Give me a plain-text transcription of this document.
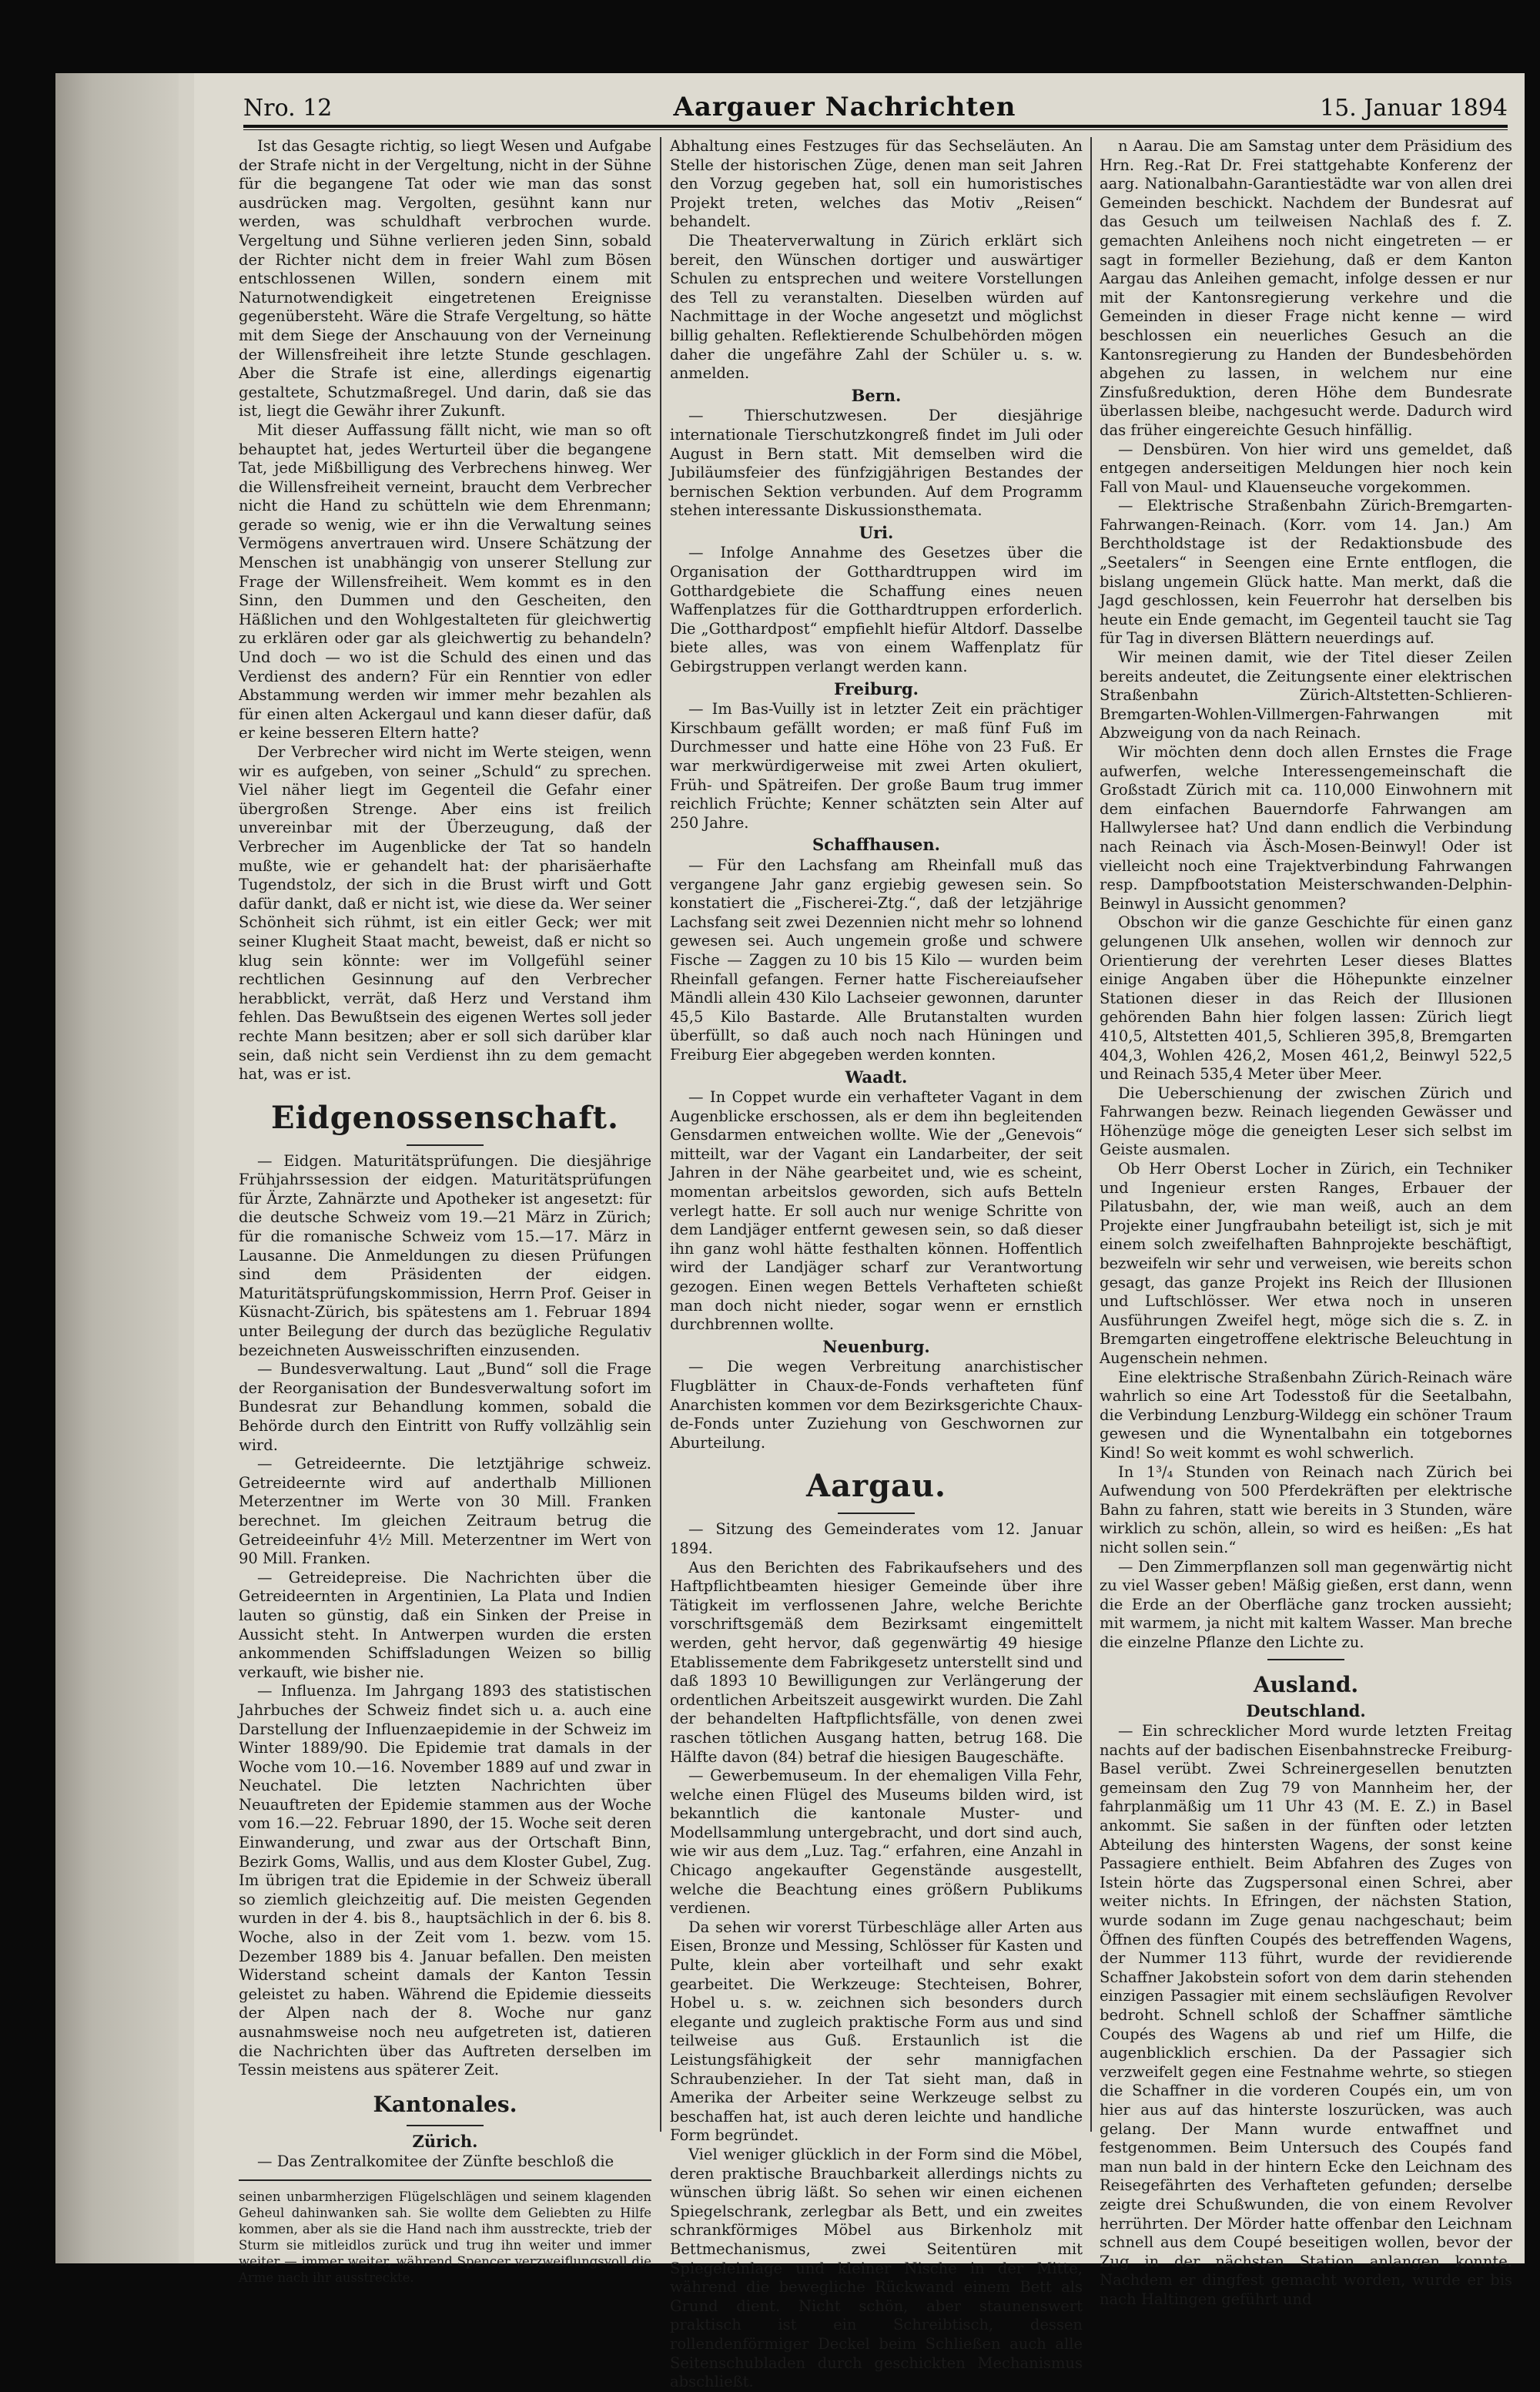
Nro. 12	Aargauer Nachrichten	15. Januar 1894

Ist das Gesagte richtig, so liegt Wesen und Aufgabe der Strafe nicht in der Vergeltung, nicht in der Sühne für die begangene Tat oder wie man das sonst ausdrücken mag. Vergolten, gesühnt kann nur werden, was schuldhaft verbrochen wurde. Vergeltung und Sühne verlieren jeden Sinn, sobald der Richter nicht dem in freier Wahl zum Bösen entschlossenen Willen, sondern einem mit Naturnotwendigkeit eingetretenen Ereignisse gegenübersteht. Wäre die Strafe Vergeltung, so hätte mit dem Siege der Anschauung von der Verneinung der Willensfreiheit ihre letzte Stunde geschlagen. Aber die Strafe ist eine, allerdings eigenartig gestaltete, Schutzmaßregel. Und darin, daß sie das ist, liegt die Gewähr ihrer Zukunft.

Mit dieser Auffassung fällt nicht, wie man so oft behauptet hat, jedes Werturteil über die begangene Tat, jede Mißbilligung des Verbrechens hinweg. Wer die Willensfreiheit verneint, braucht dem Verbrecher nicht die Hand zu schütteln wie dem Ehrenmann; gerade so wenig, wie er ihn die Verwaltung seines Vermögens anvertrauen wird. Unsere Schätzung der Menschen ist unabhängig von unserer Stellung zur Frage der Willensfreiheit. Wem kommt es in den Sinn, den Dummen und den Gescheiten, den Häßlichen und den Wohlgestalteten für gleichwertig zu erklären oder gar als gleichwertig zu behandeln? Und doch — wo ist die Schuld des einen und das Verdienst des andern? Für ein Renntier von edler Abstammung werden wir immer mehr bezahlen als für einen alten Ackergaul und kann dieser dafür, daß er keine besseren Eltern hatte?

Der Verbrecher wird nicht im Werte steigen, wenn wir es aufgeben, von seiner „Schuld“ zu sprechen. Viel näher liegt im Gegenteil die Gefahr einer übergroßen Strenge. Aber eins ist freilich unvereinbar mit der Überzeugung, daß der Verbrecher im Augenblicke der Tat so handeln mußte, wie er gehandelt hat: der pharisäerhafte Tugendstolz, der sich in die Brust wirft und Gott dafür dankt, daß er nicht ist, wie diese da. Wer seiner Schönheit sich rühmt, ist ein eitler Geck; wer mit seiner Klugheit Staat macht, beweist, daß er nicht so klug sein könnte: wer im Vollgefühl seiner rechtlichen Gesinnung auf den Verbrecher herabblickt, verrät, daß Herz und Verstand ihm fehlen. Das Bewußtsein des eigenen Wertes soll jeder rechte Mann besitzen; aber er soll sich darüber klar sein, daß nicht sein Verdienst ihn zu dem gemacht hat, was er ist.

Eidgenossenschaft.

— Eidgen. Maturitätsprüfungen. Die diesjährige Frühjahrssession der eidgen. Maturitätsprüfungen für Ärzte, Zahnärzte und Apotheker ist angesetzt: für die deutsche Schweiz vom 19.—21 März in Zürich; für die romanische Schweiz vom 15.—17. März in Lausanne. Die Anmeldungen zu diesen Prüfungen sind dem Präsidenten der eidgen. Maturitätsprüfungskommission, Herrn Prof. Geiser in Küsnacht-Zürich, bis spätestens am 1. Februar 1894 unter Beilegung der durch das bezügliche Regulativ bezeichneten Ausweisschriften einzusenden.

— Bundesverwaltung. Laut „Bund“ soll die Frage der Reorganisation der Bundesverwaltung sofort im Bundesrat zur Behandlung kommen, sobald die Behörde durch den Eintritt von Ruffy vollzählig sein wird.

— Getreideernte. Die letztjährige schweiz. Getreideernte wird auf anderthalb Millionen Meterzentner im Werte von 30 Mill. Franken berechnet. Im gleichen Zeitraum betrug die Getreideeinfuhr 4½ Mill. Meterzentner im Wert von 90 Mill. Franken.

— Getreidepreise. Die Nachrichten über die Getreideernten in Argentinien, La Plata und Indien lauten so günstig, daß ein Sinken der Preise in Aussicht steht. In Antwerpen wurden die ersten ankommenden Schiffsladungen Weizen so billig verkauft, wie bisher nie.

— Influenza. Im Jahrgang 1893 des statistischen Jahrbuches der Schweiz findet sich u. a. auch eine Darstellung der Influenzaepidemie in der Schweiz im Winter 1889/90. Die Epidemie trat damals in der Woche vom 10.—16. November 1889 auf und zwar in Neuchatel. Die letzten Nachrichten über Neuauftreten der Epidemie stammen aus der Woche vom 16.—22. Februar 1890, der 15. Woche seit deren Einwanderung, und zwar aus der Ortschaft Binn, Bezirk Goms, Wallis, und aus dem Kloster Gubel, Zug. Im übrigen trat die Epidemie in der Schweiz überall so ziemlich gleichzeitig auf. Die meisten Gegenden wurden in der 4. bis 8., hauptsächlich in der 6. bis 8. Woche, also in der Zeit vom 1. bezw. vom 15. Dezember 1889 bis 4. Januar befallen. Den meisten Widerstand scheint damals der Kanton Tessin geleistet zu haben. Während die Epidemie diesseits der Alpen nach der 8. Woche nur ganz ausnahmsweise noch neu aufgetreten ist, datieren die Nachrichten über das Auftreten derselben im Tessin meistens aus späterer Zeit.

Kantonales.
Zürich.

— Das Zentralkomitee der Zünfte beschloß die

seinen unbarmherzigen Flügelschlägen und seinem klagenden Geheul dahinwanken sah. Sie wollte dem Geliebten zu Hilfe kommen, aber als sie die Hand nach ihm ausstreckte, trieb der Sturm sie mitleidlos zurück und trug ihn weiter und immer weiter — immer weiter, während Spencer verzweiflungsvoll die Arme nach ihr ausstreckte.

Abhaltung eines Festzuges für das Sechseläuten. An Stelle der historischen Züge, denen man seit Jahren den Vorzug gegeben hat, soll ein humoristisches Projekt treten, welches das Motiv „Reisen“ behandelt.

Die Theaterverwaltung in Zürich erklärt sich bereit, den Wünschen dortiger und auswärtiger Schulen zu entsprechen und weitere Vorstellungen des Tell zu veranstalten. Dieselben würden auf Nachmittage in der Woche angesetzt und möglichst billig gehalten. Reflektierende Schulbehörden mögen daher die ungefähre Zahl der Schüler u. s. w. anmelden.

Bern.

— Thierschutzwesen. Der diesjährige internationale Tierschutzkongreß findet im Juli oder August in Bern statt. Mit demselben wird die Jubiläumsfeier des fünfzigjährigen Bestandes der bernischen Sektion verbunden. Auf dem Programm stehen interessante Diskussionsthemata.

Uri.

— Infolge Annahme des Gesetzes über die Organisation der Gotthardtruppen wird im Gotthardgebiete die Schaffung eines neuen Waffenplatzes für die Gotthardtruppen erforderlich. Die „Gotthardpost“ empfiehlt hiefür Altdorf. Dasselbe biete alles, was von einem Waffenplatz für Gebirgstruppen verlangt werden kann.

Freiburg.

— Im Bas-Vuilly ist in letzter Zeit ein prächtiger Kirschbaum gefällt worden; er maß fünf Fuß im Durchmesser und hatte eine Höhe von 23 Fuß. Er war merkwürdigerweise mit zwei Arten okuliert, Früh- und Spätreifen. Der große Baum trug immer reichlich Früchte; Kenner schätzten sein Alter auf 250 Jahre.

Schaffhausen.

— Für den Lachsfang am Rheinfall muß das vergangene Jahr ganz ergiebig gewesen sein. So konstatiert die „Fischerei-Ztg.“, daß der letzjährige Lachsfang seit zwei Dezennien nicht mehr so lohnend gewesen sei. Auch ungemein große und schwere Fische — Zaggen zu 10 bis 15 Kilo — wurden beim Rheinfall gefangen. Ferner hatte Fischereiaufseher Mändli allein 430 Kilo Lachseier gewonnen, darunter 45,5 Kilo Bastarde. Alle Brutanstalten wurden überfüllt, so daß auch noch nach Hüningen und Freiburg Eier abgegeben werden konnten.

Waadt.

— In Coppet wurde ein verhafteter Vagant in dem Augenblicke erschossen, als er dem ihn begleitenden Gensdarmen entweichen wollte. Wie der „Genevois“ mitteilt, war der Vagant ein Landarbeiter, der seit Jahren in der Nähe gearbeitet und, wie es scheint, momentan arbeitslos geworden, sich aufs Betteln verlegt hatte. Er soll auch nur wenige Schritte von dem Landjäger entfernt gewesen sein, so daß dieser ihn ganz wohl hätte festhalten können. Hoffentlich wird der Landjäger scharf zur Verantwortung gezogen. Einen wegen Bettels Verhafteten schießt man doch nicht nieder, sogar wenn er ernstlich durchbrennen wollte.

Neuenburg.

— Die wegen Verbreitung anarchistischer Flugblätter in Chaux-de-Fonds verhafteten fünf Anarchisten kommen vor dem Bezirksgerichte Chaux-de-Fonds unter Zuziehung von Geschwornen zur Aburteilung.

Aargau.

— Sitzung des Gemeinderates vom 12. Januar 1894.

Aus den Berichten des Fabrikaufsehers und des Haftpflichtbeamten hiesiger Gemeinde über ihre Tätigkeit im verflossenen Jahre, welche Berichte vorschriftsgemäß dem Bezirksamt eingemittelt werden, geht hervor, daß gegenwärtig 49 hiesige Etablissemente dem Fabrikgesetz unterstellt sind und daß 1893 10 Bewilligungen zur Verlängerung der ordentlichen Arbeitszeit ausgewirkt wurden. Die Zahl der behandelten Haftpflichtsfälle, von denen zwei raschen tötlichen Ausgang hatten, betrug 168. Die Hälfte davon (84) betraf die hiesigen Baugeschäfte.

— Gewerbemuseum. In der ehemaligen Villa Fehr, welche einen Flügel des Museums bilden wird, ist bekanntlich die kantonale Muster- und Modellsammlung untergebracht, und dort sind auch, wie wir aus dem „Luz. Tag.“ erfahren, eine Anzahl in Chicago angekaufter Gegenstände ausgestellt, welche die Beachtung eines größern Publikums verdienen.

Da sehen wir vorerst Türbeschläge aller Arten aus Eisen, Bronze und Messing, Schlösser für Kasten und Pulte, klein aber vorteilhaft und sehr exakt gearbeitet. Die Werkzeuge: Stechteisen, Bohrer, Hobel u. s. w. zeichnen sich besonders durch elegante und zugleich praktische Form aus und sind teilweise aus Guß. Erstaunlich ist die Leistungsfähigkeit der sehr mannigfachen Schraubenzieher. In der Tat sieht man, daß in Amerika der Arbeiter seine Werkzeuge selbst zu beschaffen hat, ist auch deren leichte und handliche Form begründet.

Viel weniger glücklich in der Form sind die Möbel, deren praktische Brauchbarkeit allerdings nichts zu wünschen übrig läßt. So sehen wir einen eichenen Spiegelschrank, zerlegbar als Bett, und ein zweites schrankförmiges Möbel aus Birkenholz mit Bettmechanismus, zwei Seitentüren mit Spiegeleinlage und kleiner Nische in der Mitte, während die bewegliche Rückwand einem Bett als Grund dient. Nicht schön, aber staunenswert praktisch ist ein Schreibtisch, dessen rollendenförmiger Deckel beim Schließen auch alle Seitenschubladen durch geschickten Mechanismus abschließt.

n Aarau. Die am Samstag unter dem Präsidium des Hrn. Reg.-Rat Dr. Frei stattgehabte Konferenz der aarg. Nationalbahn-Garantiestädte war von allen drei Gemeinden beschickt. Nachdem der Bundesrat auf das Gesuch um teilweisen Nachlaß des f. Z. gemachten Anleihens noch nicht eingetreten — er sagt in formeller Beziehung, daß er dem Kanton Aargau das Anleihen gemacht, infolge dessen er nur mit der Kantonsregierung verkehre und die Gemeinden in dieser Frage nicht kenne — wird beschlossen ein neuerliches Gesuch an die Kantonsregierung zu Handen der Bundesbehörden abgehen zu lassen, in welchem nur eine Zinsfußreduktion, deren Höhe dem Bundesrate überlassen bleibe, nachgesucht werde. Dadurch wird das früher eingereichte Gesuch hinfällig.

— Densbüren. Von hier wird uns gemeldet, daß entgegen anderseitigen Meldungen hier noch kein Fall von Maul- und Klauenseuche vorgekommen.

— Elektrische Straßenbahn Zürich-Bremgarten-Fahrwangen-Reinach. (Korr. vom 14. Jan.) Am Berchtholdstage ist der Redaktionsbude des „Seetalers“ in Seengen eine Ernte entflogen, die bislang ungemein Glück hatte. Man merkt, daß die Jagd geschlossen, kein Feuerrohr hat derselben bis heute ein Ende gemacht, im Gegenteil taucht sie Tag für Tag in diversen Blättern neuerdings auf.

Wir meinen damit, wie der Titel dieser Zeilen bereits andeutet, die Zeitungsente einer elektrischen Straßenbahn Zürich-Altstetten-Schlieren-Bremgarten-Wohlen-Villmergen-Fahrwangen mit Abzweigung von da nach Reinach.

Wir möchten denn doch allen Ernstes die Frage aufwerfen, welche Interessengemeinschaft die Großstadt Zürich mit ca. 110,000 Einwohnern mit dem einfachen Bauerndorfe Fahrwangen am Hallwylersee hat? Und dann endlich die Verbindung nach Reinach via Äsch-Mosen-Beinwyl! Oder ist vielleicht noch eine Trajektverbindung Fahrwangen resp. Dampfbootstation Meisterschwanden-Delphin-Beinwyl in Aussicht genommen?

Obschon wir die ganze Geschichte für einen ganz gelungenen Ulk ansehen, wollen wir dennoch zur Orientierung der verehrten Leser dieses Blattes einige Angaben über die Höhepunkte einzelner Stationen dieser in das Reich der Illusionen gehörenden Bahn hier folgen lassen: Zürich liegt 410,5, Altstetten 401,5, Schlieren 395,8, Bremgarten 404,3, Wohlen 426,2, Mosen 461,2, Beinwyl 522,5 und Reinach 535,4 Meter über Meer.

Die Ueberschienung der zwischen Zürich und Fahrwangen bezw. Reinach liegenden Gewässer und Höhenzüge möge die geneigten Leser sich selbst im Geiste ausmalen.

Ob Herr Oberst Locher in Zürich, ein Techniker und Ingenieur ersten Ranges, Erbauer der Pilatusbahn, der, wie man weiß, auch an dem Projekte einer Jungfraubahn beteiligt ist, sich je mit einem solch zweifelhaften Bahnprojekte beschäftigt, bezweifeln wir sehr und verweisen, wie bereits schon gesagt, das ganze Projekt ins Reich der Illusionen und Luftschlösser. Wer etwa noch in unseren Ausführungen Zweifel hegt, möge sich die s. Z. in Bremgarten eingetroffene elektrische Beleuchtung in Augenschein nehmen.

Eine elektrische Straßenbahn Zürich-Reinach wäre wahrlich so eine Art Todesstoß für die Seetalbahn, die Verbindung Lenzburg-Wildegg ein schöner Traum gewesen und die Wynentalbahn ein totgebornes Kind! So weit kommt es wohl schwerlich.

In 1³/₄ Stunden von Reinach nach Zürich bei Aufwendung von 500 Pferdekräften per elektrische Bahn zu fahren, statt wie bereits in 3 Stunden, wäre wirklich zu schön, allein, so wird es heißen: „Es hat nicht sollen sein.“

— Den Zimmerpflanzen soll man gegenwärtig nicht zu viel Wasser geben! Mäßig gießen, erst dann, wenn die Erde an der Oberfläche ganz trocken aussieht; mit warmem, ja nicht mit kaltem Wasser. Man breche die einzelne Pflanze den Lichte zu.

Ausland.
Deutschland.

— Ein schrecklicher Mord wurde letzten Freitag nachts auf der badischen Eisenbahnstrecke Freiburg-Basel verübt. Zwei Schreinergesellen benutzten gemeinsam den Zug 79 von Mannheim her, der fahrplanmäßig um 11 Uhr 43 (M. E. Z.) in Basel ankommt. Sie saßen in der fünften oder letzten Abteilung des hintersten Wagens, der sonst keine Passagiere enthielt. Beim Abfahren des Zuges von Istein hörte das Zugspersonal einen Schrei, aber weiter nichts. In Efringen, der nächsten Station, wurde sodann im Zuge genau nachgeschaut; beim Öffnen des fünften Coupés des betreffenden Wagens, der Nummer 113 führt, wurde der revidierende Schaffner Jakobstein sofort von dem darin stehenden einzigen Passagier mit einem sechsläufigen Revolver bedroht. Schnell schloß der Schaffner sämtliche Coupés des Wagens ab und rief um Hilfe, die augenblicklich erschien. Da der Passagier sich verzweifelt gegen eine Festnahme wehrte, so stiegen die Schaffner in die vorderen Coupés ein, um von hier aus auf das hinterste loszurücken, was auch gelang. Der Mann wurde entwaffnet und festgenommen. Beim Untersuch des Coupés fand man nun bald in der hintern Ecke den Leichnam des Reisegefährten des Verhafteten gefunden; derselbe zeigte drei Schußwunden, die von einem Revolver herrührten. Der Mörder hatte offenbar den Leichnam schnell aus dem Coupé beseitigen wollen, bevor der Zug in der nächsten Station anlangen konnte. Nachdem er dingfest gemacht worden, wurde er bis nach Haltingen geführt und
